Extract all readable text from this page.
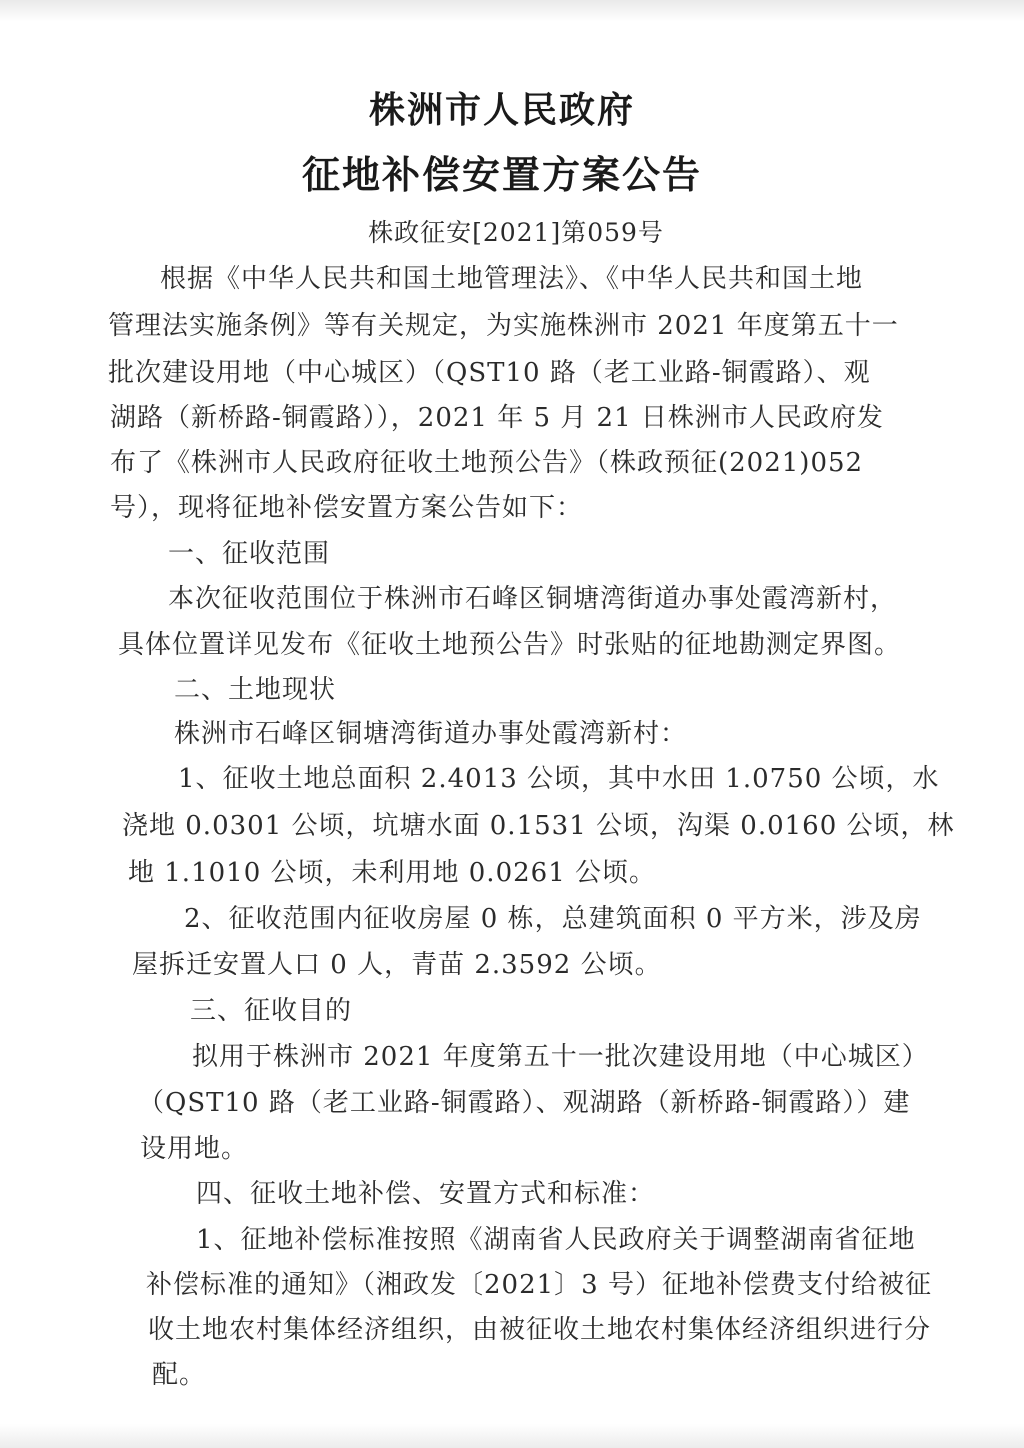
株洲市人民政府
征地补偿安置方案公告
株政征安[2021]第059号
根据《中华人民共和国土地管理法》、《中华人民共和国土地
管理法实施条例》等有关规定，为实施株洲市 2021 年度第五十一
批次建设用地（中心城区）（QST10 路（老工业路-铜霞路）、观
湖路（新桥路-铜霞路）），2021 年 5 月 21 日株洲市人民政府发
布了《株洲市人民政府征收土地预公告》（株政预征(2021)052
号），现将征地补偿安置方案公告如下：
一、征收范围
本次征收范围位于株洲市石峰区铜塘湾街道办事处霞湾新村，
具体位置详见发布《征收土地预公告》时张贴的征地勘测定界图。
二、土地现状
株洲市石峰区铜塘湾街道办事处霞湾新村：
1、征收土地总面积 2.4013 公顷，其中水田 1.0750 公顷，水
浇地 0.0301 公顷，坑塘水面 0.1531 公顷，沟渠 0.0160 公顷，林
地 1.1010 公顷，未利用地 0.0261 公顷。
2、征收范围内征收房屋 0 栋，总建筑面积 0 平方米，涉及房
屋拆迁安置人口 0 人，青苗 2.3592 公顷。
三、征收目的
拟用于株洲市 2021 年度第五十一批次建设用地（中心城区）
（QST10 路（老工业路-铜霞路）、观湖路（新桥路-铜霞路））建
设用地。
四、征收土地补偿、安置方式和标准：
1、征地补偿标准按照《湖南省人民政府关于调整湖南省征地
补偿标准的通知》（湘政发〔2021〕3 号）征地补偿费支付给被征
收土地农村集体经济组织，由被征收土地农村集体经济组织进行分
配。
